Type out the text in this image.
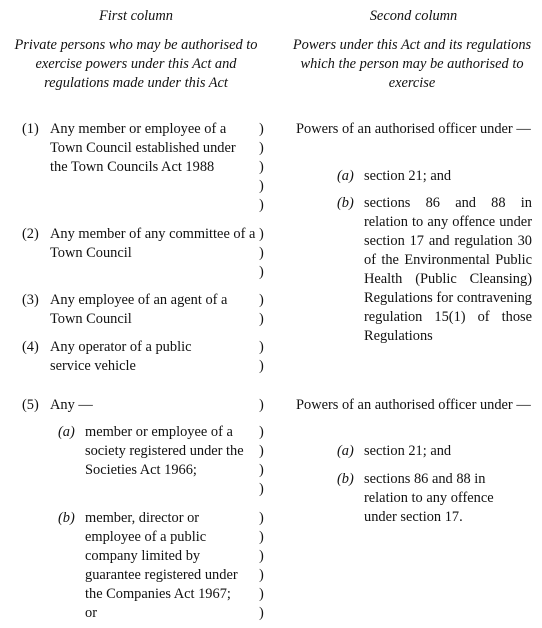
First column	Second column
Private persons who may be authorised to exercise powers under this Act and regulations made under this Act
Powers under this Act and its regulations which the person may be authorised to exercise
(1) Any member or employee of a Town Council established under the Town Councils Act 1988
(2) Any member of any committee of a Town Council
(3) Any employee of an agent of a Town Council
(4) Any operator of a public service vehicle
(5) Any —
(a) member or employee of a society registered under the Societies Act 1966;
(b) member, director or employee of a public company limited by guarantee registered under the Companies Act 1967; or
)
)
)
)
)
)
)
)
)
)
)
)
)
)
)
)
)
)
)
)
)
)
)
Powers of an authorised officer under —
(a) section 21; and
(b) sections 86 and 88 in relation to any offence under section 17 and regulation 30 of the Environmental Public Health (Public Cleansing) Regulations for contravening regulation 15(1) of those Regulations
Powers of an authorised officer under —
(a) section 21; and
(b) sections 86 and 88 in relation to any offence under section 17.
